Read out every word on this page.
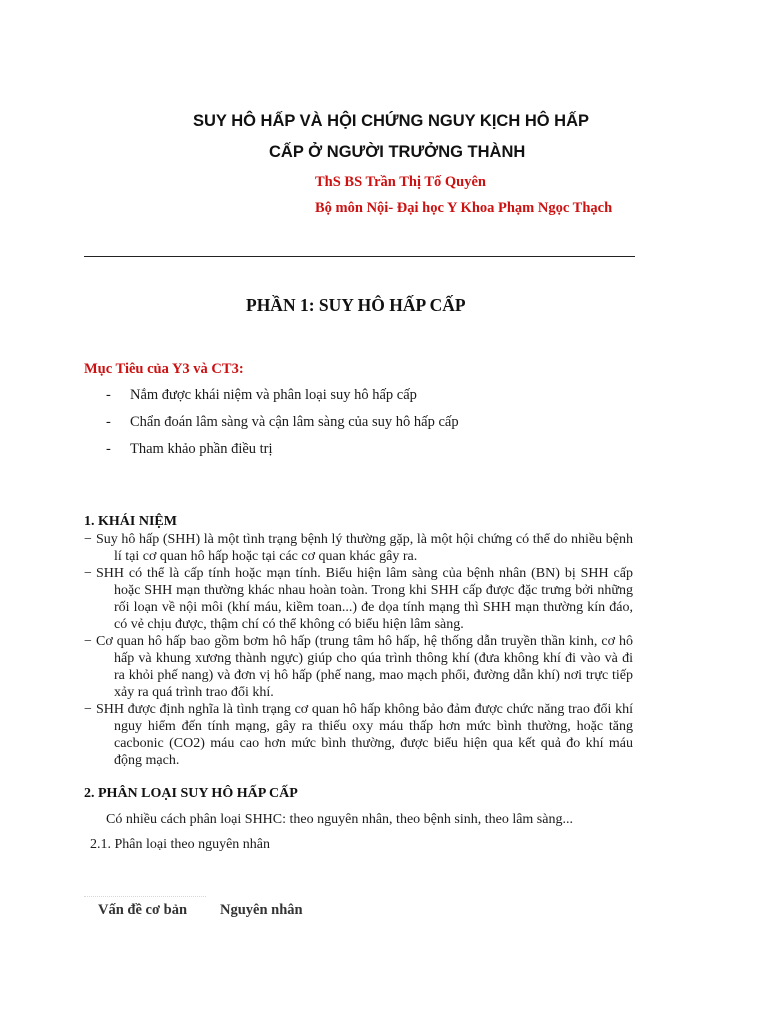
SUY HÔ HẤP VÀ HỘI CHỨNG NGUY KỊCH HÔ HẤP
CẤP Ở NGƯỜI TRƯỞNG THÀNH
ThS BS Trần Thị Tố Quyên
Bộ môn Nội- Đại học Y Khoa Phạm Ngọc Thạch
PHẦN 1: SUY HÔ HẤP CẤP
Mục Tiêu của Y3 và CT3:
- Nắm được khái niệm và phân loại suy hô hấp cấp
- Chẩn đoán lâm sàng và cận lâm sàng của suy hô hấp cấp
- Tham khảo phần điều trị
1. KHÁI NIỆM
− Suy hô hấp (SHH) là một tình trạng bệnh lý thường gặp, là một hội chứng có thể do nhiều bệnh lí tại cơ quan hô hấp hoặc tại các cơ quan khác gây ra.
− SHH có thể là cấp tính hoặc mạn tính. Biểu hiện lâm sàng của bệnh nhân (BN) bị SHH cấp hoặc SHH mạn thường khác nhau hoàn toàn. Trong khi SHH cấp được đặc trưng bởi những rối loạn về nội môi (khí máu, kiềm toan...) đe dọa tính mạng thì SHH mạn thường kín đáo, có vẻ chịu được, thậm chí có thể không có biểu hiện lâm sàng.
− Cơ quan hô hấp bao gồm bơm hô hấp (trung tâm hô hấp, hệ thống dẫn truyền thần kinh, cơ hô hấp và khung xương thành ngực) giúp cho qúa trình thông khí (đưa không khí đi vào và đi ra khỏi phế nang) và đơn vị hô hấp (phế nang, mao mạch phổi, đường dẫn khí) nơi trực tiếp xảy ra quá trình trao đổi khí.
− SHH được định nghĩa là tình trạng cơ quan hô hấp không bảo đảm được chức năng trao đổi khí nguy hiểm đến tính mạng, gây ra thiếu oxy máu thấp hơn mức bình thường, hoặc tăng cacbonic (CO2) máu cao hơn mức bình thường, được biểu hiện qua kết quả đo khí máu động mạch.
2. PHÂN LOẠI SUY HÔ HẤP CẤP
Có nhiều cách phân loại SHHC: theo nguyên nhân, theo bệnh sinh, theo lâm sàng...
2.1. Phân loại theo nguyên nhân
Vấn đề cơ bản Nguyên nhân
